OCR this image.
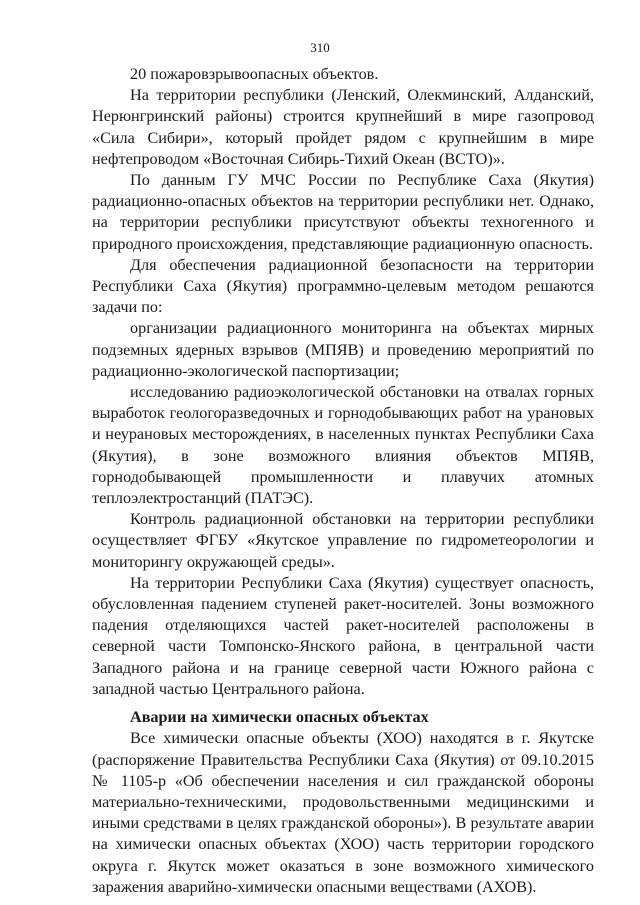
310

20 пожаровзрывоопасных объектов.

На территории республики (Ленский, Олекминский, Алданский, Нерюнгринский районы) строится крупнейший в мире газопровод «Сила Сибири», который пройдет рядом с крупнейшим в мире нефтепроводом «Восточная Сибирь-Тихий Океан (ВСТО)».

По данным ГУ МЧС России по Республике Саха (Якутия) радиационно-опасных объектов на территории республики нет. Однако, на территории республики присутствуют объекты техногенного и природного происхождения, представляющие радиационную опасность.

Для обеспечения радиационной безопасности на территории Республики Саха (Якутия) программно-целевым методом решаются задачи по:

организации радиационного мониторинга на объектах мирных подземных ядерных взрывов (МПЯВ) и проведению мероприятий по радиационно-экологической паспортизации;

исследованию радиоэкологической обстановки на отвалах горных выработок геологоразведочных и горнодобывающих работ на урановых и неурановых месторождениях, в населенных пунктах Республики Саха (Якутия), в зоне возможного влияния объектов МПЯВ, горнодобывающей промышленности и плавучих атомных теплоэлектростанций (ПАТЭС).

Контроль радиационной обстановки на территории республики осуществляет ФГБУ «Якутское управление по гидрометеорологии и мониторингу окружающей среды».

На территории Республики Саха (Якутия) существует опасность, обусловленная падением ступеней ракет-носителей. Зоны возможного падения отделяющихся частей ракет-носителей расположены в северной части Томпонско-Янского района, в центральной части Западного района и на границе северной части Южного района с западной частью Центрального района.

Аварии на химически опасных объектах

Все химически опасные объекты (ХОО) находятся в г. Якутске (распоряжение Правительства Республики Саха (Якутия) от 09.10.2015 № 1105-р «Об обеспечении населения и сил гражданской обороны материально-техническими, продовольственными медицинскими и иными средствами в целях гражданской обороны»). В результате аварии на химически опасных объектах (ХОО) часть территории городского округа г. Якутск может оказаться в зоне возможного химического заражения аварийно-химически опасными веществами (АХОВ).
